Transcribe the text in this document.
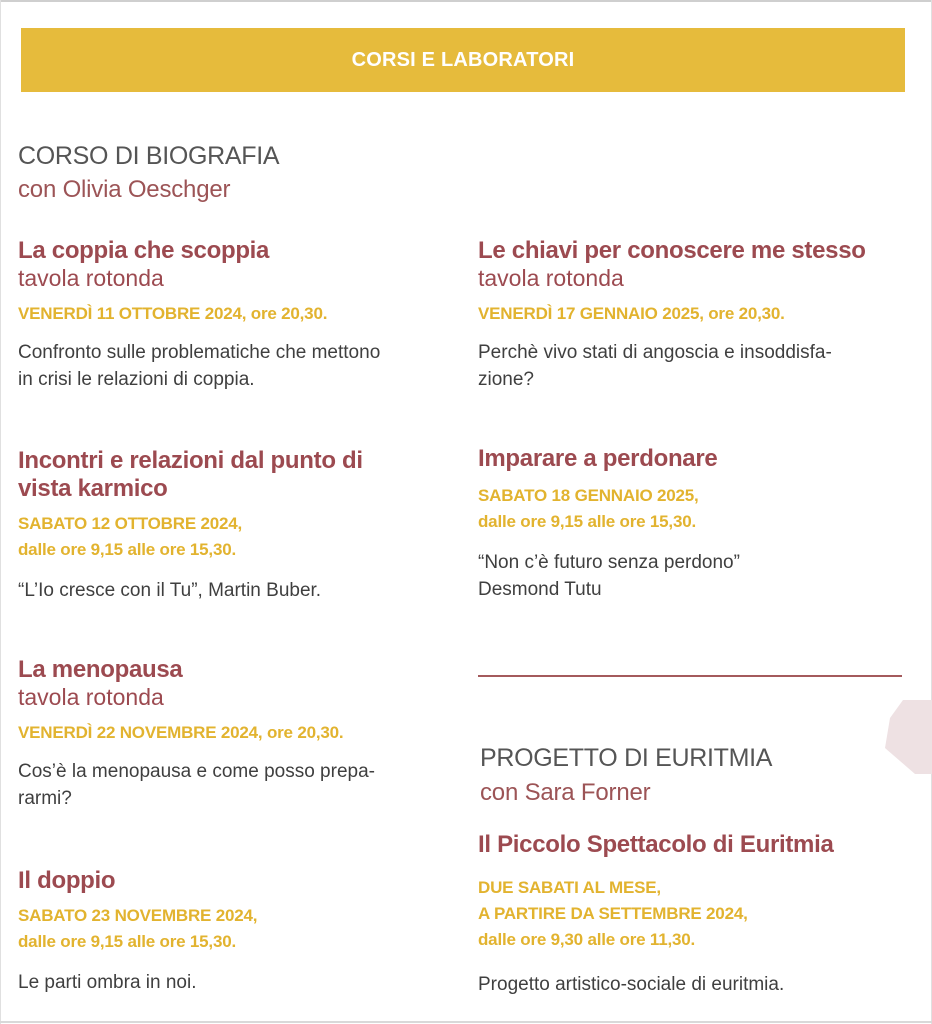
CORSI E LABORATORI
CORSO DI BIOGRAFIA
con Olivia Oeschger
La coppia che scoppia
tavola rotonda
VENERDÌ 11 OTTOBRE 2024, ore 20,30.
Confronto sulle problematiche che mettono
in crisi le relazioni di coppia.
Incontri e relazioni dal punto di
vista karmico
SABATO 12 OTTOBRE 2024,
dalle ore 9,15 alle ore 15,30.
“L’Io cresce con il Tu”, Martin Buber.
La menopausa
tavola rotonda
VENERDÌ 22 NOVEMBRE 2024, ore 20,30.
Cos’è la menopausa e come posso prepa-
rarmi?
Il doppio
SABATO 23 NOVEMBRE 2024,
dalle ore 9,15 alle ore 15,30.
Le parti ombra in noi.
Le chiavi per conoscere me stesso
tavola rotonda
VENERDÌ 17 GENNAIO 2025, ore 20,30.
Perchè vivo stati di angoscia e insoddisfa-
zione?
Imparare a perdonare
SABATO 18 GENNAIO 2025,
dalle ore 9,15 alle ore 15,30.
“Non c’è futuro senza perdono”
Desmond Tutu
PROGETTO DI EURITMIA
con Sara Forner
Il Piccolo Spettacolo di Euritmia
DUE SABATI AL MESE,
A PARTIRE DA SETTEMBRE 2024,
dalle ore 9,30 alle ore 11,30.
Progetto artistico-sociale di euritmia.
